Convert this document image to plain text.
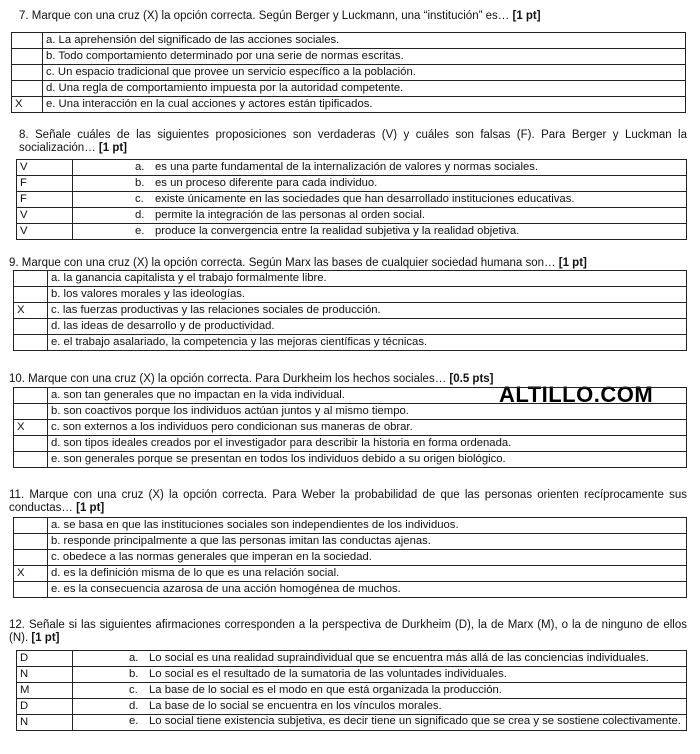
7. Marque con una cruz (X) la opción correcta. Según Berger y Luckmann, una “institución” es… [1 pt]
	a. La aprehensión del significado de las acciones sociales.
	b. Todo comportamiento determinado por una serie de normas escritas.
	c. Un espacio tradicional que provee un servicio específico a la población.
	d. Una regla de comportamiento impuesta por la autoridad competente.
X	e. Una interacción en la cual acciones y actores están tipificados.
8. Señale cuáles de las siguientes proposiciones son verdaderas (V) y cuáles son falsas (F). Para Berger y Luckman la socialización… [1 pt]
V	a. es una parte fundamental de la internalización de valores y normas sociales.
F	b. es un proceso diferente para cada individuo.
F	c. existe únicamente en las sociedades que han desarrollado instituciones educativas.
V	d. permite la integración de las personas al orden social.
V	e. produce la convergencia entre la realidad subjetiva y la realidad objetiva.
9. Marque con una cruz (X) la opción correcta. Según Marx las bases de cualquier sociedad humana son… [1 pt]
	a. la ganancia capitalista y el trabajo formalmente libre.
	b. los valores morales y las ideologías.
X	c. las fuerzas productivas y las relaciones sociales de producción.
	d. las ideas de desarrollo y de productividad.
	e. el trabajo asalariado, la competencia y las mejoras científicas y técnicas.
10. Marque con una cruz (X) la opción correcta. Para Durkheim los hechos sociales… [0.5 pts]
ALTILLO.COM
	a. son tan generales que no impactan en la vida individual.
	b. son coactivos porque los individuos actúan juntos y al mismo tiempo.
X	c. son externos a los individuos pero condicionan sus maneras de obrar.
	d. son tipos ideales creados por el investigador para describir la historia en forma ordenada.
	e. son generales porque se presentan en todos los individuos debido a su origen biológico.
11. Marque con una cruz (X) la opción correcta. Para Weber la probabilidad de que las personas orienten recíprocamente sus conductas… [1 pt]
	a. se basa en que las instituciones sociales son independientes de los individuos.
	b. responde principalmente a que las personas imitan las conductas ajenas.
	c. obedece a las normas generales que imperan en la sociedad.
X	d. es la definición misma de lo que es una relación social.
	e. es la consecuencia azarosa de una acción homogénea de muchos.
12. Señale si las siguientes afirmaciones corresponden a la perspectiva de Durkheim (D), la de Marx (M), o la de ninguno de ellos (N). [1 pt]
D	a. Lo social es una realidad supraindividual que se encuentra más allá de las conciencias individuales.
N	b. Lo social es el resultado de la sumatoria de las voluntades individuales.
M	c. La base de lo social es el modo en que está organizada la producción.
D	d. La base de lo social se encuentra en los vínculos morales.
N	e. Lo social tiene existencia subjetiva, es decir tiene un significado que se crea y se sostiene colectivamente.
